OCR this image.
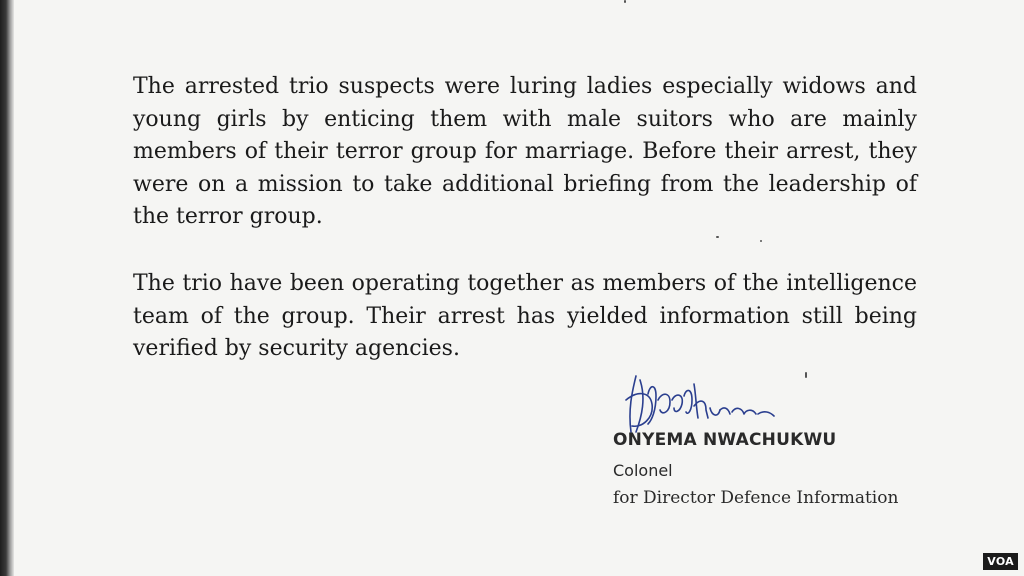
The arrested trio suspects were luring ladies especially widows and young girls by enticing them with male suitors who are mainly members of their terror group for marriage. Before their arrest, they were on a mission to take additional briefing from the leadership of the terror group.

The trio have been operating together as members of the intelligence team of the group. Their arrest has yielded information still being verified by security agencies.

ONYEMA NWACHUKWU

Colonel

for Director Defence Information

VOA
